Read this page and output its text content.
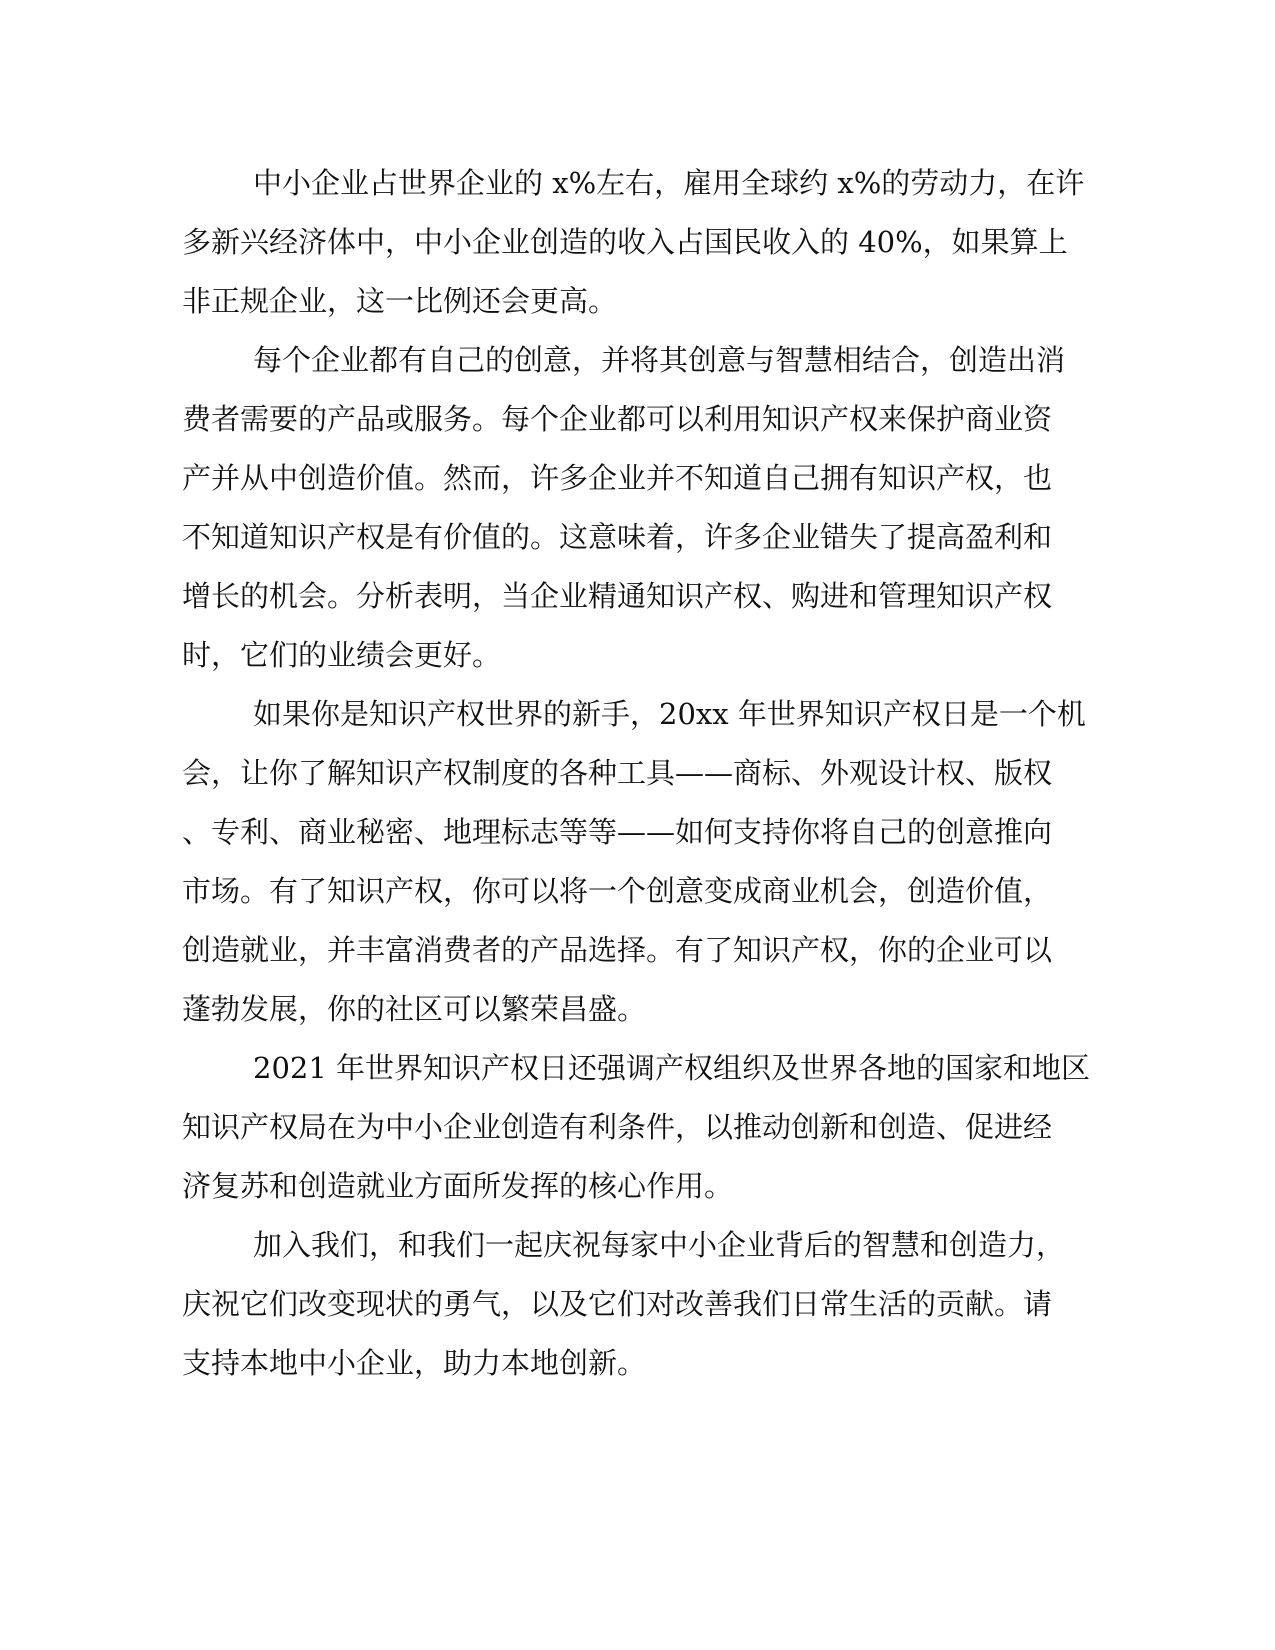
中小企业占世界企业的 x%左右，雇用全球约 x%的劳动力，在许
多新兴经济体中，中小企业创造的收入占国民收入的 40%，如果算上
非正规企业，这一比例还会更高。
每个企业都有自己的创意，并将其创意与智慧相结合，创造出消
费者需要的产品或服务。每个企业都可以利用知识产权来保护商业资
产并从中创造价值。然而，许多企业并不知道自己拥有知识产权，也
不知道知识产权是有价值的。这意味着，许多企业错失了提高盈利和
增长的机会。分析表明，当企业精通知识产权、购进和管理知识产权
时，它们的业绩会更好。
如果你是知识产权世界的新手，20xx 年世界知识产权日是一个机
会，让你了解知识产权制度的各种工具——商标、外观设计权、版权
、专利、商业秘密、地理标志等等——如何支持你将自己的创意推向
市场。有了知识产权，你可以将一个创意变成商业机会，创造价值，
创造就业，并丰富消费者的产品选择。有了知识产权，你的企业可以
蓬勃发展，你的社区可以繁荣昌盛。
2021 年世界知识产权日还强调产权组织及世界各地的国家和地区
知识产权局在为中小企业创造有利条件，以推动创新和创造、促进经
济复苏和创造就业方面所发挥的核心作用。
加入我们，和我们一起庆祝每家中小企业背后的智慧和创造力，
庆祝它们改变现状的勇气，以及它们对改善我们日常生活的贡献。请
支持本地中小企业，助力本地创新。
